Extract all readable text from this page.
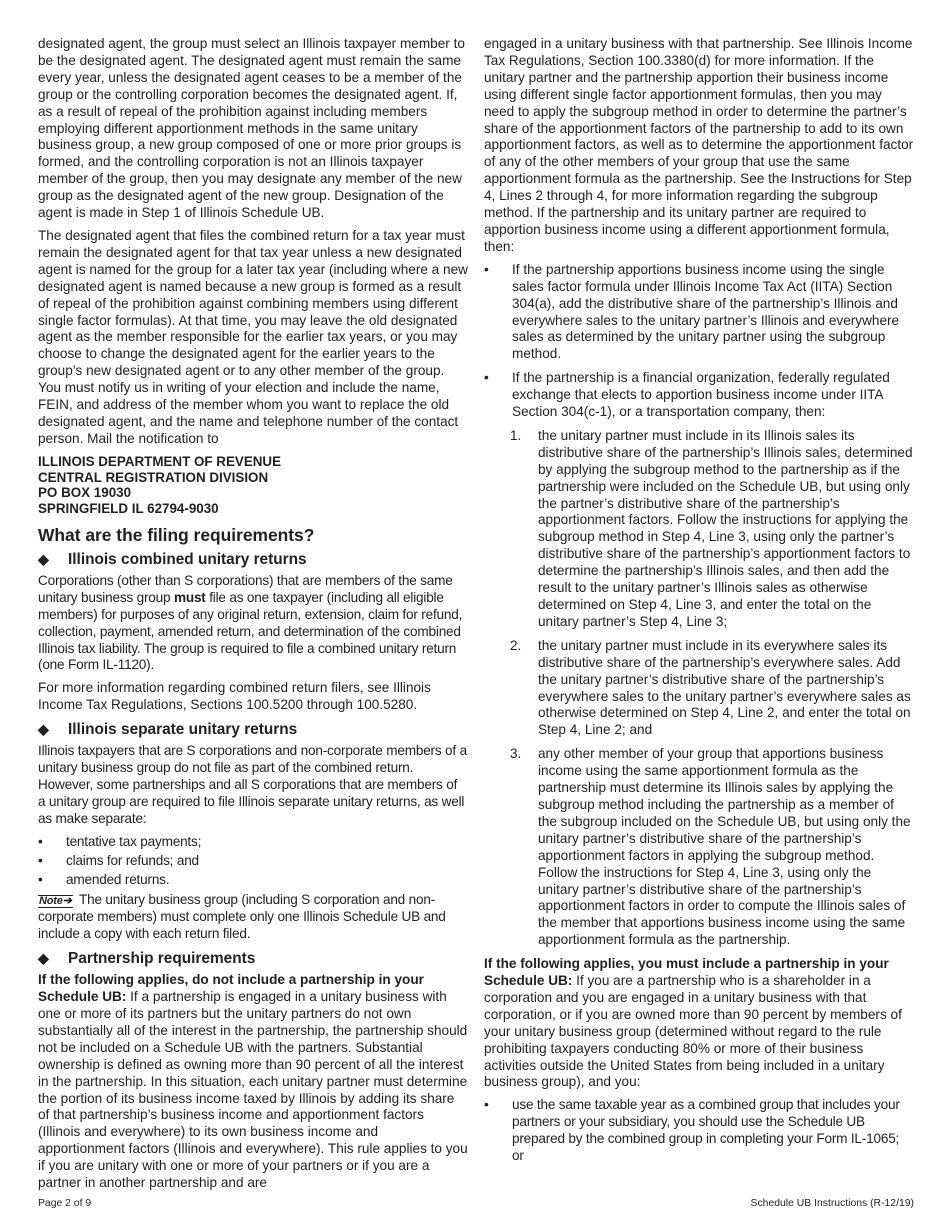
designated agent, the group must select an Illinois taxpayer member to be the designated agent. The designated agent must remain the same every year, unless the designated agent ceases to be a member of the group or the controlling corporation becomes the designated agent. If, as a result of repeal of the prohibition against including members employing different apportionment methods in the same unitary business group, a new group composed of one or more prior groups is formed, and the controlling corporation is not an Illinois taxpayer member of the group, then you may designate any member of the new group as the designated agent of the new group. Designation of the agent is made in Step 1 of Illinois Schedule UB.

The designated agent that files the combined return for a tax year must remain the designated agent for that tax year unless a new designated agent is named for the group for a later tax year (including where a new designated agent is named because a new group is formed as a result of repeal of the prohibition against combining members using different single factor formulas). At that time, you may leave the old designated agent as the member responsible for the earlier tax years, or you may choose to change the designated agent for the earlier years to the group’s new designated agent or to any other member of the group. You must notify us in writing of your election and include the name, FEIN, and address of the member whom you want to replace the old designated agent, and the name and telephone number of the contact person. Mail the notification to

ILLINOIS DEPARTMENT OF REVENUE
CENTRAL REGISTRATION DIVISION
PO BOX 19030
SPRINGFIELD IL 62794-9030
What are the filing requirements?
◆	Illinois combined unitary returns

Corporations (other than S corporations) that are members of the same unitary business group must file as one taxpayer (including all eligible members) for purposes of any original return, extension, claim for refund, collection, payment, amended return, and determination of the combined Illinois tax liability. The group is required to file a combined unitary return (one Form IL-1120).

For more information regarding combined return filers, see Illinois Income Tax Regulations, Sections 100.5200 through 100.5280.

◆	Illinois separate unitary returns

Illinois taxpayers that are S corporations and non-corporate members of a unitary business group do not file as part of the combined return. However, some partnerships and all S corporations that are members of a unitary group are required to file Illinois separate unitary returns, as well as make separate:

• tentative tax payments;
• claims for refunds; and
• amended returns.

Note➔ The unitary business group (including S corporation and non-corporate members) must complete only one Illinois Schedule UB and include a copy with each return filed.

◆	Partnership requirements

If the following applies, do not include a partnership in your Schedule UB: If a partnership is engaged in a unitary business with one or more of its partners but the unitary partners do not own substantially all of the interest in the partnership, the partnership should not be included on a Schedule UB with the partners. Substantial ownership is defined as owning more than 90 percent of all the interest in the partnership. In this situation, each unitary partner must determine the portion of its business income taxed by Illinois by adding its share of that partnership’s business income and apportionment factors (Illinois and everywhere) to its own business income and apportionment factors (Illinois and everywhere). This rule applies to you if you are unitary with one or more of your partners or if you are a partner in another partnership and are

engaged in a unitary business with that partnership. See Illinois Income Tax Regulations, Section 100.3380(d) for more information. If the unitary partner and the partnership apportion their business income using different single factor apportionment formulas, then you may need to apply the subgroup method in order to determine the partner’s share of the apportionment factors of the partnership to add to its own apportionment factors, as well as to determine the apportionment factor of any of the other members of your group that use the same apportionment formula as the partnership. See the Instructions for Step 4, Lines 2 through 4, for more information regarding the subgroup method. If the partnership and its unitary partner are required to apportion business income using a different apportionment formula, then:

• If the partnership apportions business income using the single sales factor formula under Illinois Income Tax Act (IITA) Section 304(a), add the distributive share of the partnership’s Illinois and everywhere sales to the unitary partner’s Illinois and everywhere sales as determined by the unitary partner using the subgroup method.
• If the partnership is a financial organization, federally regulated exchange that elects to apportion business income under IITA Section 304(c-1), or a transportation company, then:
1. the unitary partner must include in its Illinois sales its distributive share of the partnership’s Illinois sales, determined by applying the subgroup method to the partnership as if the partnership were included on the Schedule UB, but using only the partner’s distributive share of the partnership’s apportionment factors. Follow the instructions for applying the subgroup method in Step 4, Line 3, using only the partner’s distributive share of the partnership’s apportionment factors to determine the partnership’s Illinois sales, and then add the result to the unitary partner’s Illinois sales as otherwise determined on Step 4, Line 3, and enter the total on the unitary partner’s Step 4, Line 3;
2. the unitary partner must include in its everywhere sales its distributive share of the partnership’s everywhere sales. Add the unitary partner’s distributive share of the partnership’s everywhere sales to the unitary partner’s everywhere sales as otherwise determined on Step 4, Line 2, and enter the total on Step 4, Line 2; and
3. any other member of your group that apportions business income using the same apportionment formula as the partnership must determine its Illinois sales by applying the subgroup method including the partnership as a member of the subgroup included on the Schedule UB, but using only the unitary partner’s distributive share of the partnership’s apportionment factors in applying the subgroup method. Follow the instructions for Step 4, Line 3, using only the unitary partner’s distributive share of the partnership’s apportionment factors in order to compute the Illinois sales of the member that apportions business income using the same apportionment formula as the partnership.

If the following applies, you must include a partnership in your Schedule UB: If you are a partnership who is a shareholder in a corporation and you are engaged in a unitary business with that corporation, or if you are owned more than 90 percent by members of your unitary business group (determined without regard to the rule prohibiting taxpayers conducting 80% or more of their business activities outside the United States from being included in a unitary business group), and you:

• use the same taxable year as a combined group that includes your partners or your subsidiary, you should use the Schedule UB prepared by the combined group in completing your Form IL-1065; or
Page 2 of 9	Schedule UB Instructions (R-12/19)
